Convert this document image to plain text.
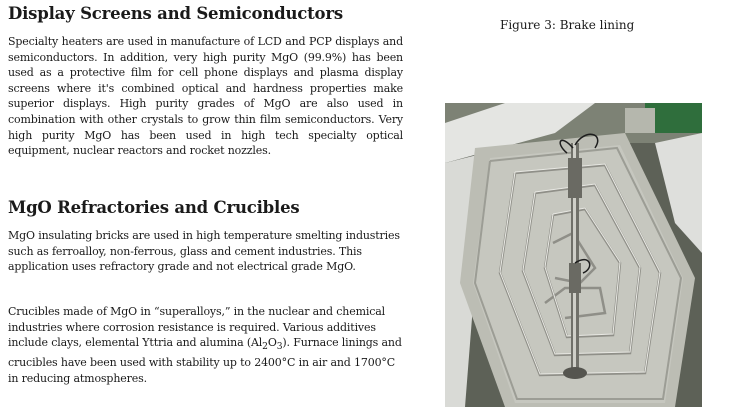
Display Screens and Semiconductors

Specialty heaters are used in manufacture of LCD and PCP displays and semiconductors. In addition, very high purity MgO (99.9%) has been used as a protective film for cell phone displays and plasma display screens where it's combined optical and hardness properties make superior displays. High purity grades of MgO are also used in combination with other crystals to grow thin film semiconductors. Very high purity MgO has been used in high tech specialty optical equipment, nuclear reactors and rocket nozzles.

MgO Refractories and Crucibles

MgO insulating bricks are used in high temperature smelting industries such as ferroalloy, non-ferrous, glass and cement industries. This application uses refractory grade and not electrical grade MgO.

Crucibles made of MgO in “superalloys,” in the nuclear and chemical industries where corrosion resistance is required. Various additives include clays, elemental Yttria and alumina $(Al_2O_3)$. Furnace linings and crucibles have been used with stability up to 2400°C in air and 1700°C in reducing atmospheres.

Figure 3: Brake lining
